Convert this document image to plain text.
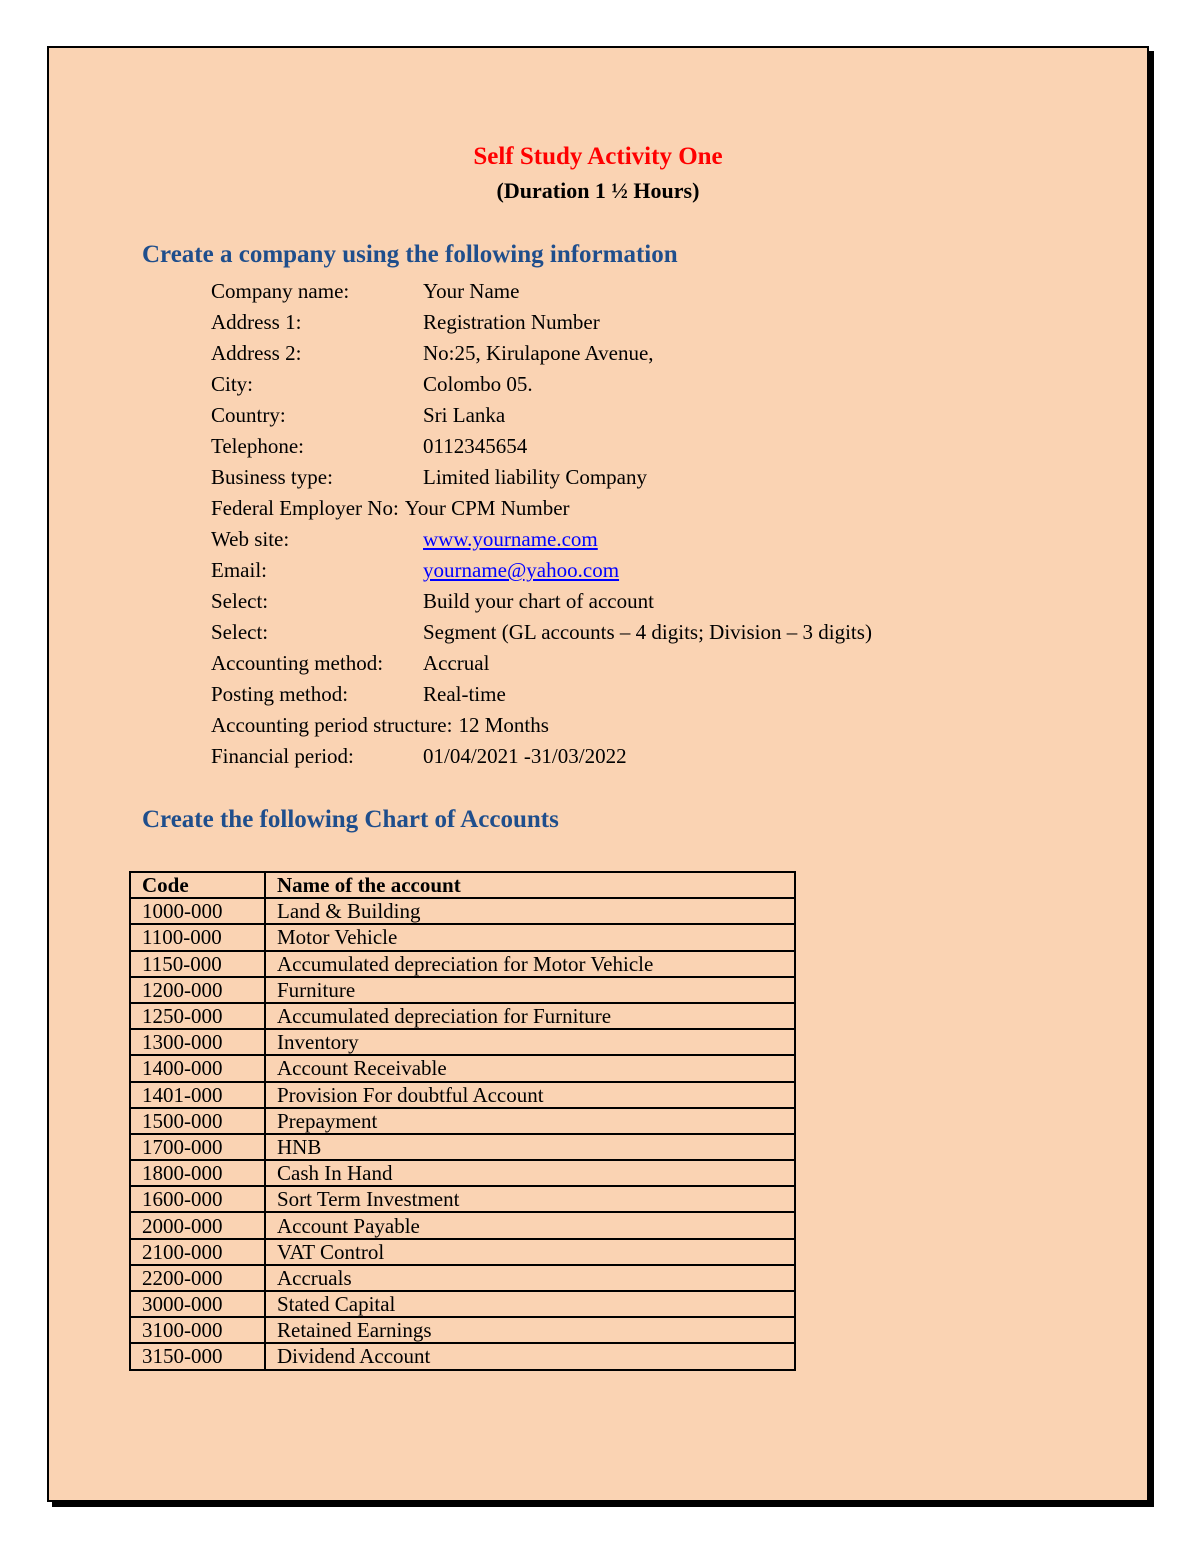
Self Study Activity One
(Duration 1 ½ Hours)
Create a company using the following information
Company name:	Your Name
Address 1:	Registration Number
Address 2:	No:25, Kirulapone Avenue,
City:	Colombo 05.
Country:	Sri Lanka
Telephone:	0112345654
Business type:	Limited liability Company
Federal Employer No: Your CPM Number
Web site:	www.yourname.com
Email:	yourname@yahoo.com
Select:	Build your chart of account
Select:	Segment (GL accounts – 4 digits; Division – 3 digits)
Accounting method: Accrual
Posting method:	Real-time
Accounting period structure: 12 Months
Financial period:	01/04/2021 -31/03/2022
Create the following Chart of Accounts
Code	Name of the account
1000-000	Land & Building
1100-000	Motor Vehicle
1150-000	Accumulated depreciation for Motor Vehicle
1200-000	Furniture
1250-000	Accumulated depreciation for Furniture
1300-000	Inventory
1400-000	Account Receivable
1401-000	Provision For doubtful Account
1500-000	Prepayment
1700-000	HNB
1800-000	Cash In Hand
1600-000	Sort Term Investment
2000-000	Account Payable
2100-000	VAT Control
2200-000	Accruals
3000-000	Stated Capital
3100-000	Retained Earnings
3150-000	Dividend Account
